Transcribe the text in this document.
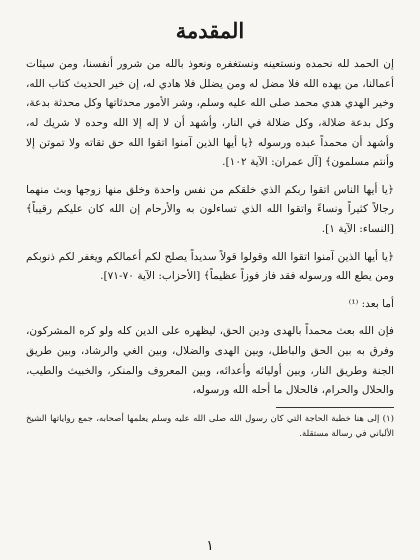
المقدمة

إن الحمد لله نحمده ونستعينه ونستغفره ونعوذ بالله من شرور أنفسنا، ومن سيئات أعمالنا، من يهده الله فلا مضل له ومن يضلل فلا هادي له، إن خير الحديث كتاب الله، وخير الهدي هدي محمد صلى الله عليه وسلم، وشر الأمور محدثاتها وكل محدثة بدعة، وكل بدعة ضلالة، وكل ضلالة في النار، وأشهد أن لا إله إلا الله وحده لا شريك له، وأشهد أن محمداً عبده ورسوله ﴿يا أيها الذين آمنوا اتقوا الله حق تقاته ولا تموتن إلا وأنتم مسلمون﴾ [آل عمران: الآية ١٠٢].

﴿يا أيها الناس اتقوا ربكم الذي خلقكم من نفس واحدة وخلق منها زوجها وبث منهما رجالاً كثيراً ونساءً واتقوا الله الذي تساءلون به والأرحام إن الله كان عليكم رقيباً﴾ [النساء: الآية ١].

﴿يا أيها الذين آمنوا اتقوا الله وقولوا قولاً سديداً يصلح لكم أعمالكم ويغفر لكم ذنوبكم ومن يطع الله ورسوله فقد فاز فوزاً عظيماً﴾ [الأحزاب: الآية ٧٠-٧١].

أما بعد: ⁽¹⁾

فإن الله بعث محمداً بالهدى ودين الحق، ليظهره على الدين كله ولو كره المشركون، وفرق به بين الحق والباطل، وبين الهدى والضلال، وبين الغي والرشاد، وبين طريق الجنة وطريق النار، وبين أوليائه وأعدائه، وبين المعروف والمنكر، والخبيث والطيب، والحلال والحرام، فالحلال ما أحله الله ورسوله،

(١) إلى هنا خطبة الحاجة التي كان رسول الله صلى الله عليه وسلم يعلمها أصحابه، جمع رواياتها الشيخ الألباني في رسالة مستقلة.

١
